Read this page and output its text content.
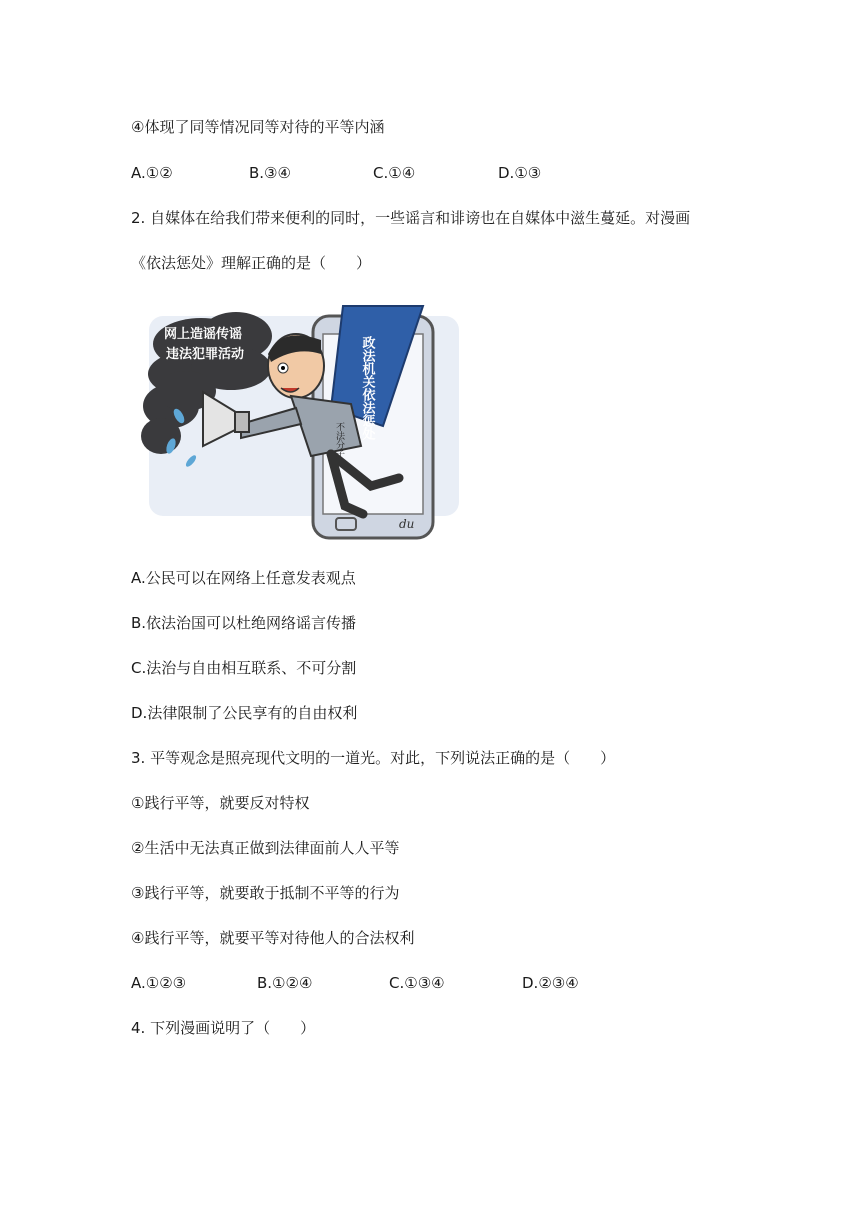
④体现了同等情况同等对待的平等内涵
A.①②	B.③④	C.①④	D.①③
2. 自媒体在给我们带来便利的同时，一些谣言和诽谤也在自媒体中滋生蔓延。对漫画
《依法惩处》理解正确的是（　　）
网上造谣传谣
违法犯罪活动	政法机关依法惩处
不法分子
du
A.公民可以在网络上任意发表观点
B.依法治国可以杜绝网络谣言传播
C.法治与自由相互联系、不可分割
D.法律限制了公民享有的自由权利
3. 平等观念是照亮现代文明的一道光。对此，下列说法正确的是（　　）
①践行平等，就要反对特权
②生活中无法真正做到法律面前人人平等
③践行平等，就要敢于抵制不平等的行为
④践行平等，就要平等对待他人的合法权利
A.①②③	B.①②④	C.①③④	D.②③④
4. 下列漫画说明了（　　）
